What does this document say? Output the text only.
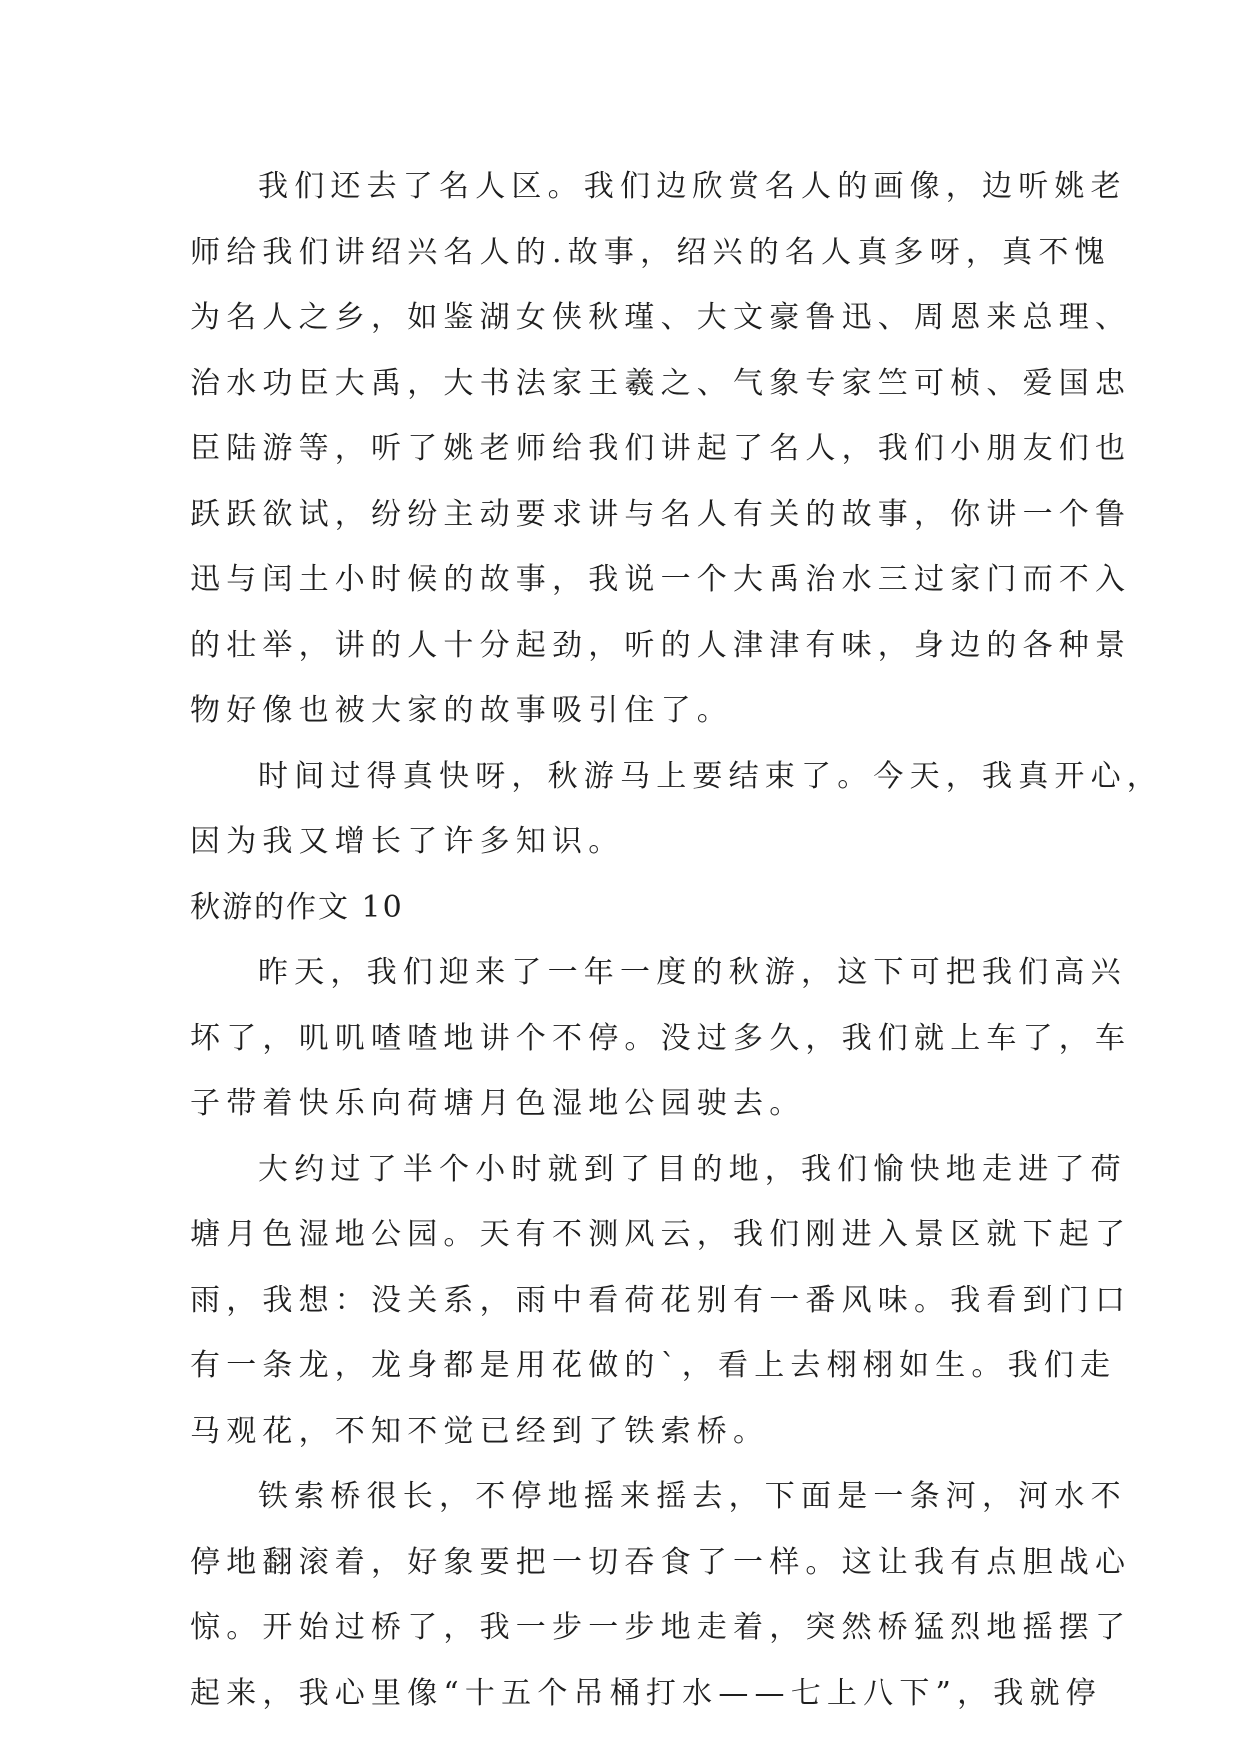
我们还去了名人区。我们边欣赏名人的画像，边听姚老
师给我们讲绍兴名人的.故事，绍兴的名人真多呀，真不愧
为名人之乡，如鉴湖女侠秋瑾、大文豪鲁迅、周恩来总理、
治水功臣大禹，大书法家王羲之、气象专家竺可桢、爱国忠
臣陆游等，听了姚老师给我们讲起了名人，我们小朋友们也
跃跃欲试，纷纷主动要求讲与名人有关的故事，你讲一个鲁
迅与闰土小时候的故事，我说一个大禹治水三过家门而不入
的壮举，讲的人十分起劲，听的人津津有味，身边的各种景
物好像也被大家的故事吸引住了。
时间过得真快呀，秋游马上要结束了。今天，我真开心，
因为我又增长了许多知识。
秋游的作文 10
昨天，我们迎来了一年一度的秋游，这下可把我们高兴
坏了，叽叽喳喳地讲个不停。没过多久，我们就上车了，车
子带着快乐向荷塘月色湿地公园驶去。
大约过了半个小时就到了目的地，我们愉快地走进了荷
塘月色湿地公园。天有不测风云，我们刚进入景区就下起了
雨，我想：没关系，雨中看荷花别有一番风味。我看到门口
有一条龙，龙身都是用花做的`，看上去栩栩如生。我们走
马观花，不知不觉已经到了铁索桥。
铁索桥很长，不停地摇来摇去，下面是一条河，河水不
停地翻滚着，好象要把一切吞食了一样。这让我有点胆战心
惊。开始过桥了，我一步一步地走着，突然桥猛烈地摇摆了
起来，我心里像“十五个吊桶打水——七上八下”，我就停
